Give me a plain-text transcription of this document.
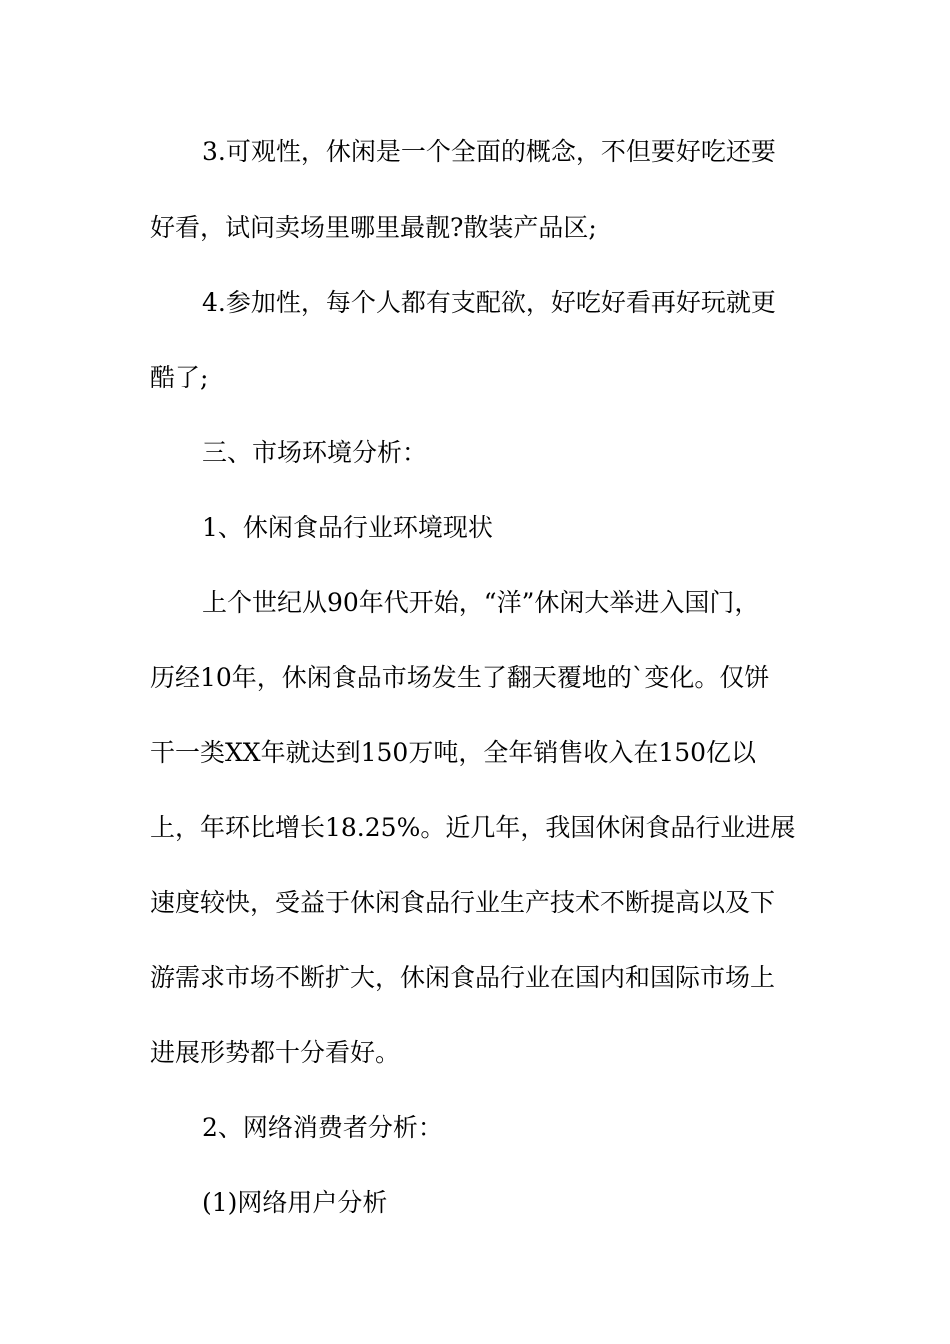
3.可观性，休闲是一个全面的概念，不但要好吃还要
好看，试问卖场里哪里最靓?散装产品区;
4.参加性，每个人都有支配欲，好吃好看再好玩就更
酷了;
三、市场环境分析：
1、休闲食品行业环境现状
上个世纪从90年代开始，“洋”休闲大举进入国门，
历经10年，休闲食品市场发生了翻天覆地的`变化。仅饼
干一类XX年就达到150万吨，全年销售收入在150亿以
上，年环比增长18.25%。近几年，我国休闲食品行业进展
速度较快，受益于休闲食品行业生产技术不断提高以及下
游需求市场不断扩大，休闲食品行业在国内和国际市场上
进展形势都十分看好。
2、网络消费者分析：
(1)网络用户分析
